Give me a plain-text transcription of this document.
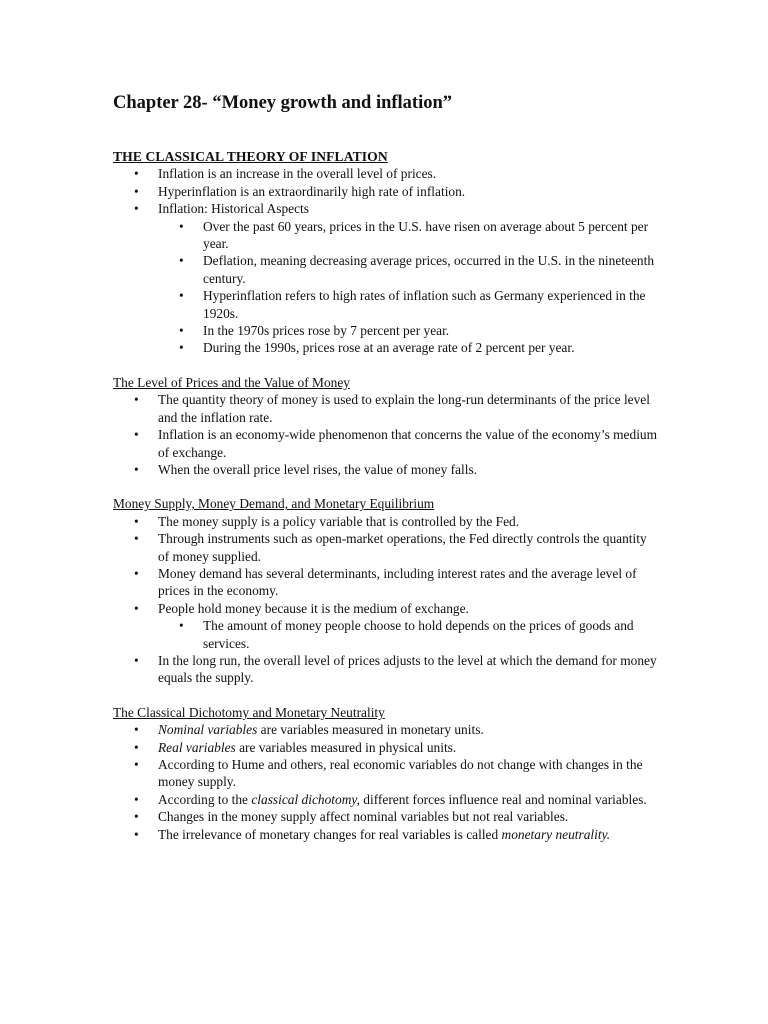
Chapter 28- “Money growth and inflation”
THE CLASSICAL THEORY OF INFLATION
• Inflation is an increase in the overall level of prices.
• Hyperinflation is an extraordinarily high rate of inflation.
• Inflation: Historical Aspects
• Over the past 60 years, prices in the U.S. have risen on average about 5 percent per year.
• Deflation, meaning decreasing average prices, occurred in the U.S. in the nineteenth century.
• Hyperinflation refers to high rates of inflation such as Germany experienced in the 1920s.
• In the 1970s prices rose by 7 percent per year.
• During the 1990s, prices rose at an average rate of 2 percent per year.
The Level of Prices and the Value of Money
• The quantity theory of money is used to explain the long-run determinants of the price level and the inflation rate.
• Inflation is an economy-wide phenomenon that concerns the value of the economy’s medium of exchange.
• When the overall price level rises, the value of money falls.
Money Supply, Money Demand, and Monetary Equilibrium
• The money supply is a policy variable that is controlled by the Fed.
• Through instruments such as open-market operations, the Fed directly controls the quantity of money supplied.
• Money demand has several determinants, including interest rates and the average level of prices in the economy.
• People hold money because it is the medium of exchange.
• The amount of money people choose to hold depends on the prices of goods and services.
• In the long run, the overall level of prices adjusts to the level at which the demand for money equals the supply.
The Classical Dichotomy and Monetary Neutrality
• Nominal variables are variables measured in monetary units.
• Real variables are variables measured in physical units.
• According to Hume and others, real economic variables do not change with changes in the money supply.
• According to the classical dichotomy, different forces influence real and nominal variables.
• Changes in the money supply affect nominal variables but not real variables.
• The irrelevance of monetary changes for real variables is called monetary neutrality.
